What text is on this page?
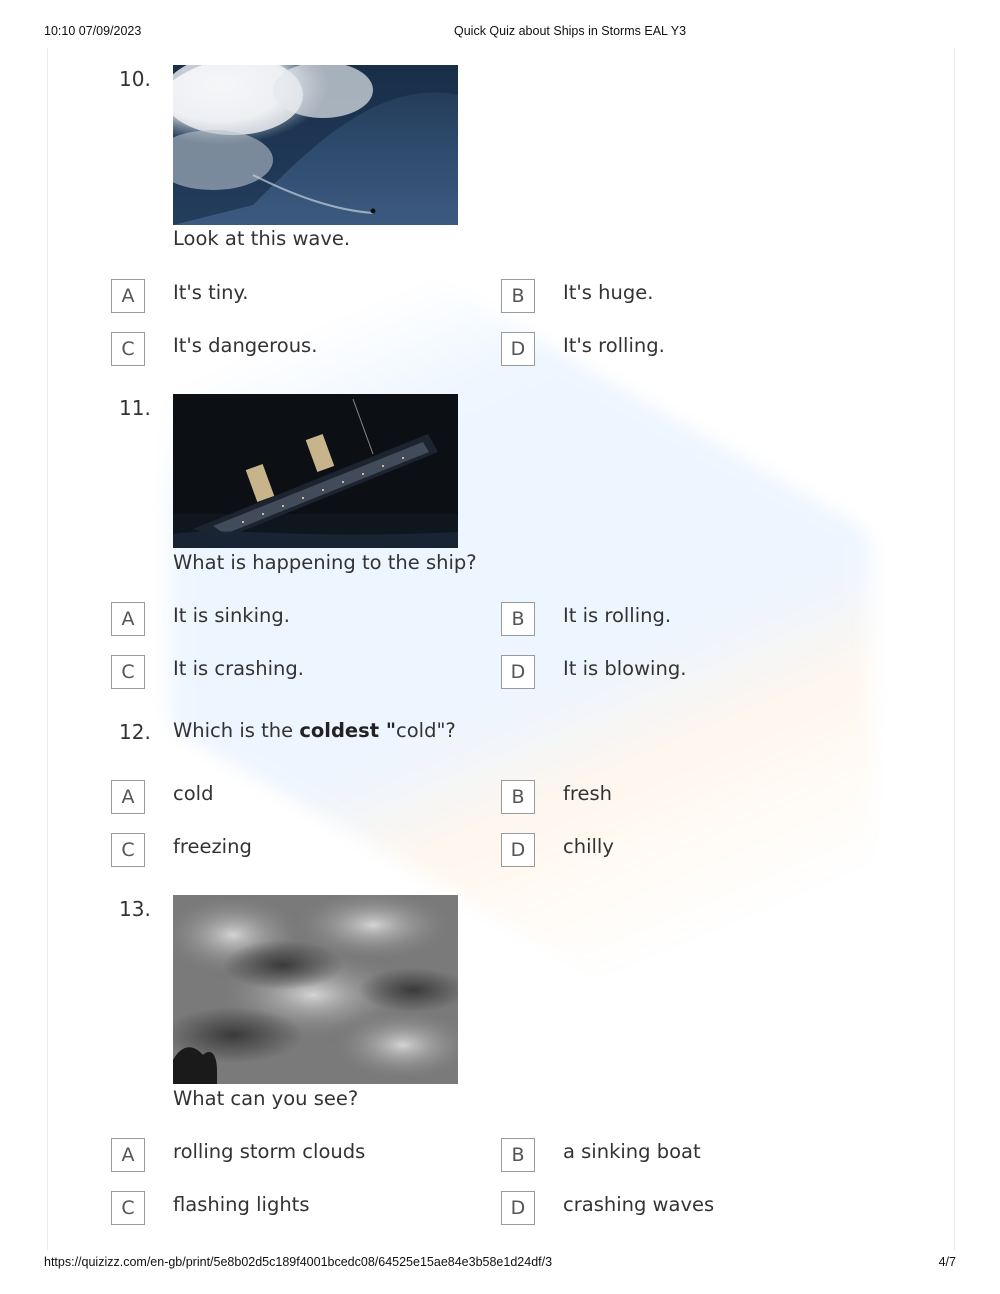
10:10 07/09/2023	Quick Quiz about Ships in Storms EAL Y3
10.
Look at this wave.
A	It's tiny.	B	It's huge.
C	It's dangerous.	D	It's rolling.
11.
What is happening to the ship?
A	It is sinking.	B	It is rolling.
C	It is crashing.	D	It is blowing.
12. Which is the coldest "cold"?
A	cold	B	fresh
C	freezing	D	chilly
13.
What can you see?
A	rolling storm clouds	B	a sinking boat
C	flashing lights	D	crashing waves
https://quizizz.com/en-gb/print/5e8b02d5c189f4001bcedc08/64525e15ae84e3b58e1d24df/3	4/7
